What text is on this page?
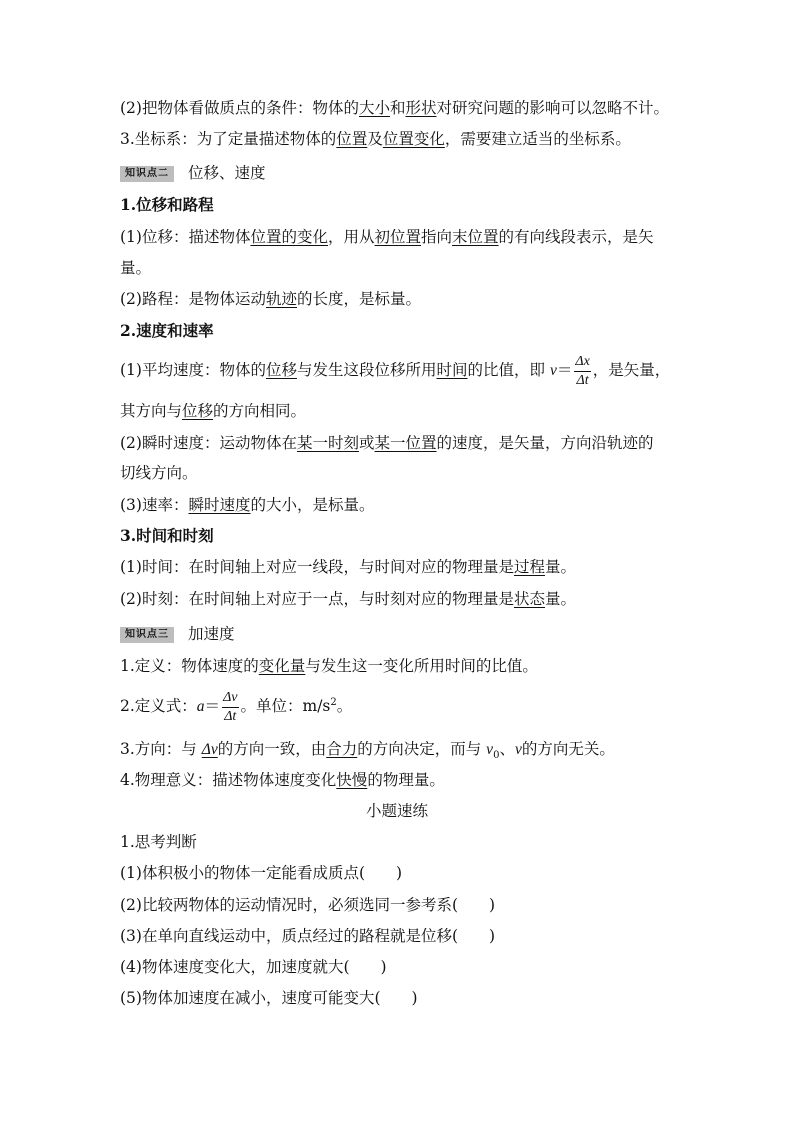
(2)把物体看做质点的条件：物体的大小和形状对研究问题的影响可以忽略不计。
3.坐标系：为了定量描述物体的位置及位置变化，需要建立适当的坐标系。
知识点二 位移、速度
1.位移和路程
(1)位移：描述物体位置的变化，用从初位置指向末位置的有向线段表示，是矢
量。
(2)路程：是物体运动轨迹的长度，是标量。
2.速度和速率
(1)平均速度：物体的位移与发生这段位移所用时间的比值，即 $v= \frac{\Delta x}{\Delta t}$ ，是矢量，
其方向与位移的方向相同。
(2)瞬时速度：运动物体在某一时刻或某一位置的速度，是矢量，方向沿轨迹的
切线方向。
(3)速率：瞬时速度的大小，是标量。
3.时间和时刻
(1)时间：在时间轴上对应一线段，与时间对应的物理量是过程量。
(2)时刻：在时间轴上对应于一点，与时刻对应的物理量是状态量。
知识点三 加速度
1.定义：物体速度的变化量与发生这一变化所用时间的比值。
2.定义式：$a= \frac{\Delta v}{\Delta t}$ 。单位：$m/s^2$。
3.方向：与 Δv的方向一致，由合力的方向决定，而与 $v_0$、v的方向无关。
4.物理意义：描述物体速度变化快慢的物理量。
小题速练
1.思考判断
(1)体积极小的物体一定能看成质点(　　)
(2)比较两物体的运动情况时，必须选同一参考系(　　)
(3)在单向直线运动中，质点经过的路程就是位移(　　)
(4)物体速度变化大，加速度就大(　　)
(5)物体加速度在减小，速度可能变大(　　)
